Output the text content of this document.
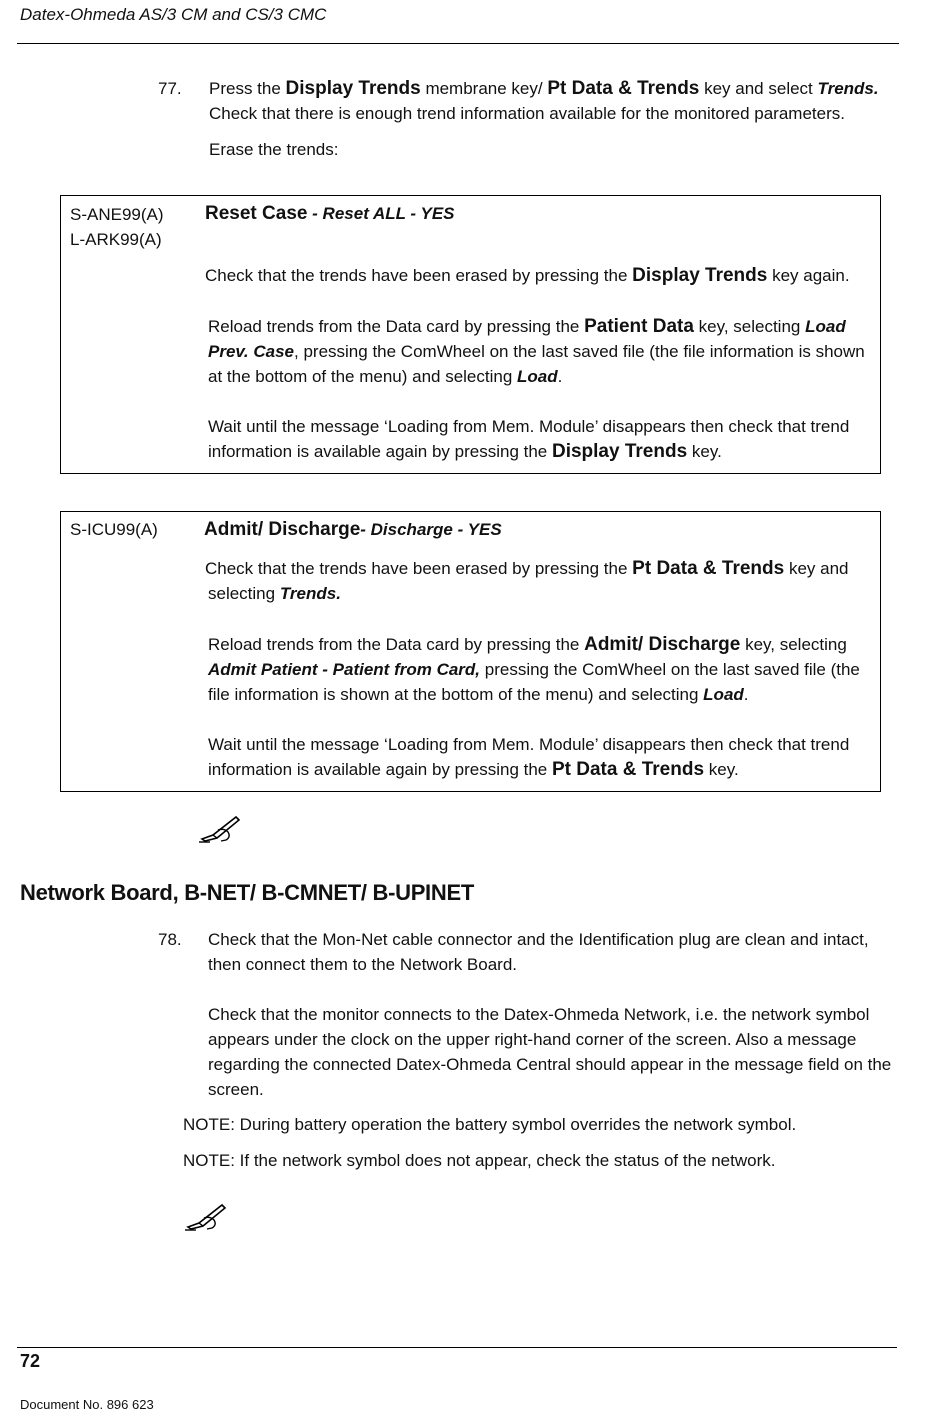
Datex-Ohmeda AS/3 CM and CS/3 CMC
77. Press the Display Trends membrane key/ Pt Data & Trends key and select Trends.
Check that there is enough trend information available for the monitored parameters.
Erase the trends:
S-ANE99(A)
L-ARK99(A)
Reset Case - Reset ALL - YES
Check that the trends have been erased by pressing the Display Trends key again.
Reload trends from the Data card by pressing the Patient Data key, selecting Load
Prev. Case, pressing the ComWheel on the last saved file (the file information is shown
at the bottom of the menu) and selecting Load.
Wait until the message ‘Loading from Mem. Module’ disappears then check that trend
information is available again by pressing the Display Trends key.
S-ICU99(A) Admit/ Discharge- Discharge - YES
Check that the trends have been erased by pressing the Pt Data & Trends key and
selecting Trends.
Reload trends from the Data card by pressing the Admit/ Discharge key, selecting
Admit Patient - Patient from Card, pressing the ComWheel on the last saved file (the
file information is shown at the bottom of the menu) and selecting Load.
Wait until the message ‘Loading from Mem. Module’ disappears then check that trend
information is available again by pressing the Pt Data & Trends key.
Network Board, B-NET/ B-CMNET/ B-UPINET
78. Check that the Mon-Net cable connector and the Identification plug are clean and intact,
then connect them to the Network Board.
Check that the monitor connects to the Datex-Ohmeda Network, i.e. the network symbol
appears under the clock on the upper right-hand corner of the screen. Also a message
regarding the connected Datex-Ohmeda Central should appear in the message field on the
screen.
NOTE: During battery operation the battery symbol overrides the network symbol.
NOTE: If the network symbol does not appear, check the status of the network.
72
Document No. 896 623
